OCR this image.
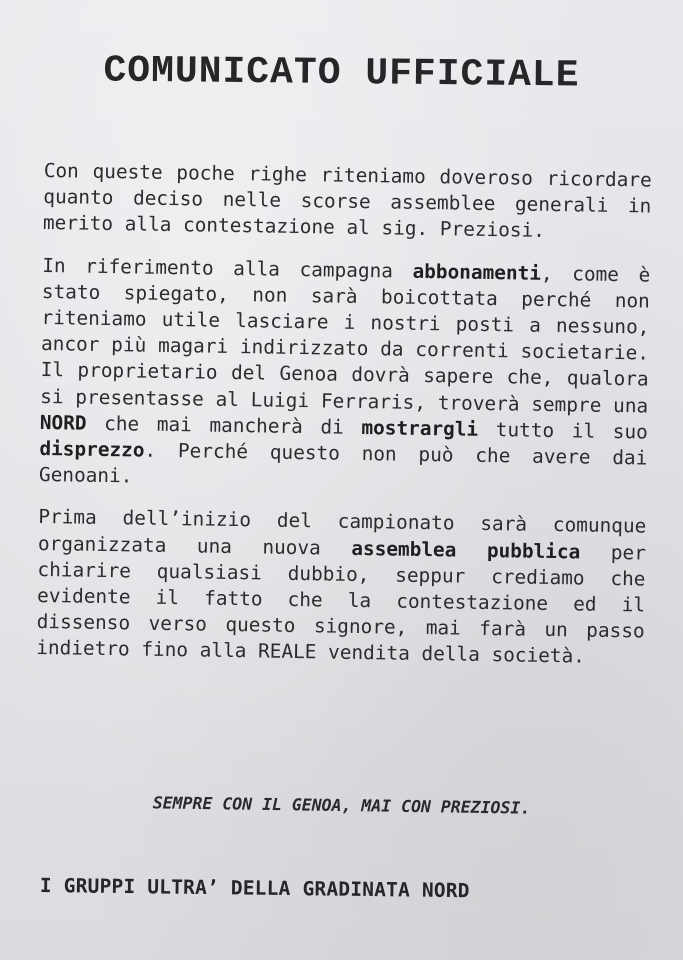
COMUNICATO UFFICIALE

Con queste poche righe riteniamo doveroso ricordare quanto deciso nelle scorse assemblee generali in merito alla contestazione al sig. Preziosi.

In riferimento alla campagna abbonamenti, come è stato spiegato, non sarà boicottata perché non riteniamo utile lasciare i nostri posti a nessuno, ancor più magari indirizzato da correnti societarie. Il proprietario del Genoa dovrà sapere che, qualora si presentasse al Luigi Ferraris, troverà sempre una NORD che mai mancherà di mostrargli tutto il suo disprezzo. Perché questo non può che avere dai Genoani.

Prima dell’inizio del campionato sarà comunque organizzata una nuova assemblea pubblica per chiarire qualsiasi dubbio, seppur crediamo che evidente il fatto che la contestazione ed il dissenso verso questo signore, mai farà un passo indietro fino alla REALE vendita della società.

SEMPRE CON IL GENOA, MAI CON PREZIOSI.
I GRUPPI ULTRA’ DELLA GRADINATA NORD
